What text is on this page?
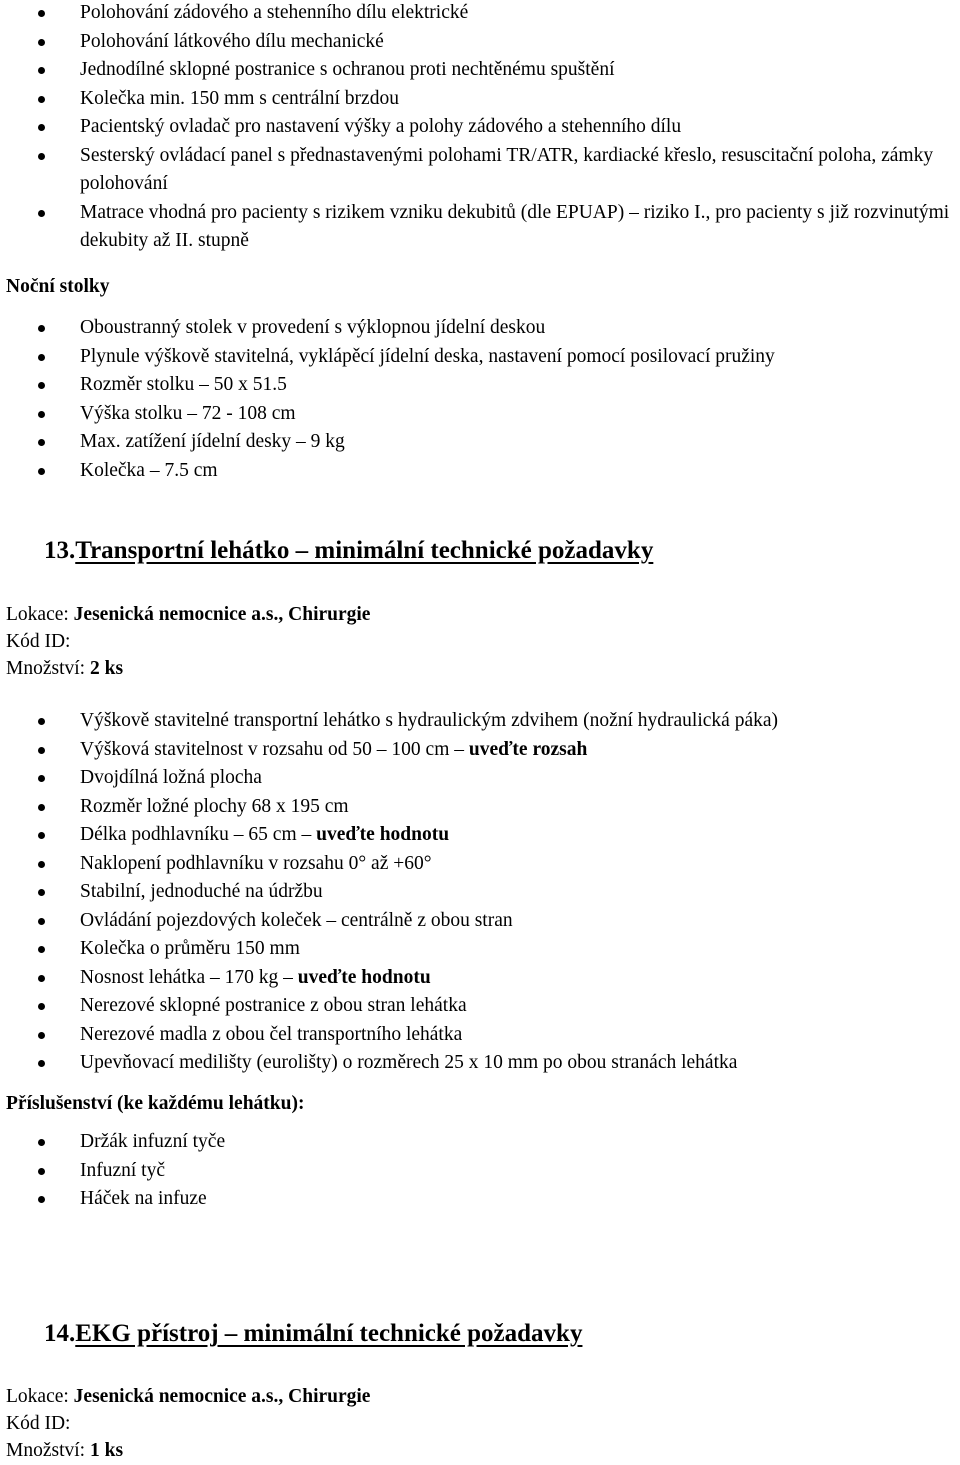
Polohování zádového a stehenního dílu elektrické
Polohování látkového dílu mechanické
Jednodílné sklopné postranice s ochranou proti nechtěnému spuštění
Kolečka min. 150 mm s centrální brzdou
Pacientský ovladač pro nastavení výšky a polohy zádového a stehenního dílu
Sesterský ovládací panel s přednastavenými polohami TR/ATR, kardiacké křeslo, resuscitační poloha, zámky polohování
Matrace vhodná pro pacienty s rizikem vzniku dekubitů (dle EPUAP) – riziko I., pro pacienty s již rozvinutými dekubity až II. stupně
Noční stolky
Oboustranný stolek v provedení s výklopnou jídelní deskou
Plynule výškově stavitelná, vyklápěcí jídelní deska, nastavení pomocí posilovací pružiny
Rozměr stolku – 50 x 51.5
Výška stolku – 72 - 108 cm
Max. zatížení jídelní desky – 9 kg
Kolečka – 7.5 cm
13.Transportní lehátko – minimální technické požadavky
Lokace: Jesenická nemocnice a.s., Chirurgie
Kód ID:
Množství: 2 ks
Výškově stavitelné transportní lehátko s hydraulickým zdvihem (nožní hydraulická páka)
Výšková stavitelnost v rozsahu od 50 – 100 cm – uveďte rozsah
Dvojdílná ložná plocha
Rozměr ložné plochy 68 x 195 cm
Délka podhlavníku – 65 cm – uveďte hodnotu
Naklopení podhlavníku v rozsahu 0° až +60°
Stabilní, jednoduché na údržbu
Ovládání pojezdových koleček – centrálně z obou stran
Kolečka o průměru 150 mm
Nosnost lehátka – 170 kg – uveďte hodnotu
Nerezové sklopné postranice z obou stran lehátka
Nerezové madla z obou čel transportního lehátka
Upevňovací medilišty (eurolišty) o rozměrech 25 x 10 mm po obou stranách lehátka
Příslušenství (ke každému lehátku):
Držák infuzní tyče
Infuzní tyč
Háček na infuze
14.EKG přístroj – minimální technické požadavky
Lokace: Jesenická nemocnice a.s., Chirurgie
Kód ID:
Množství: 1 ks
